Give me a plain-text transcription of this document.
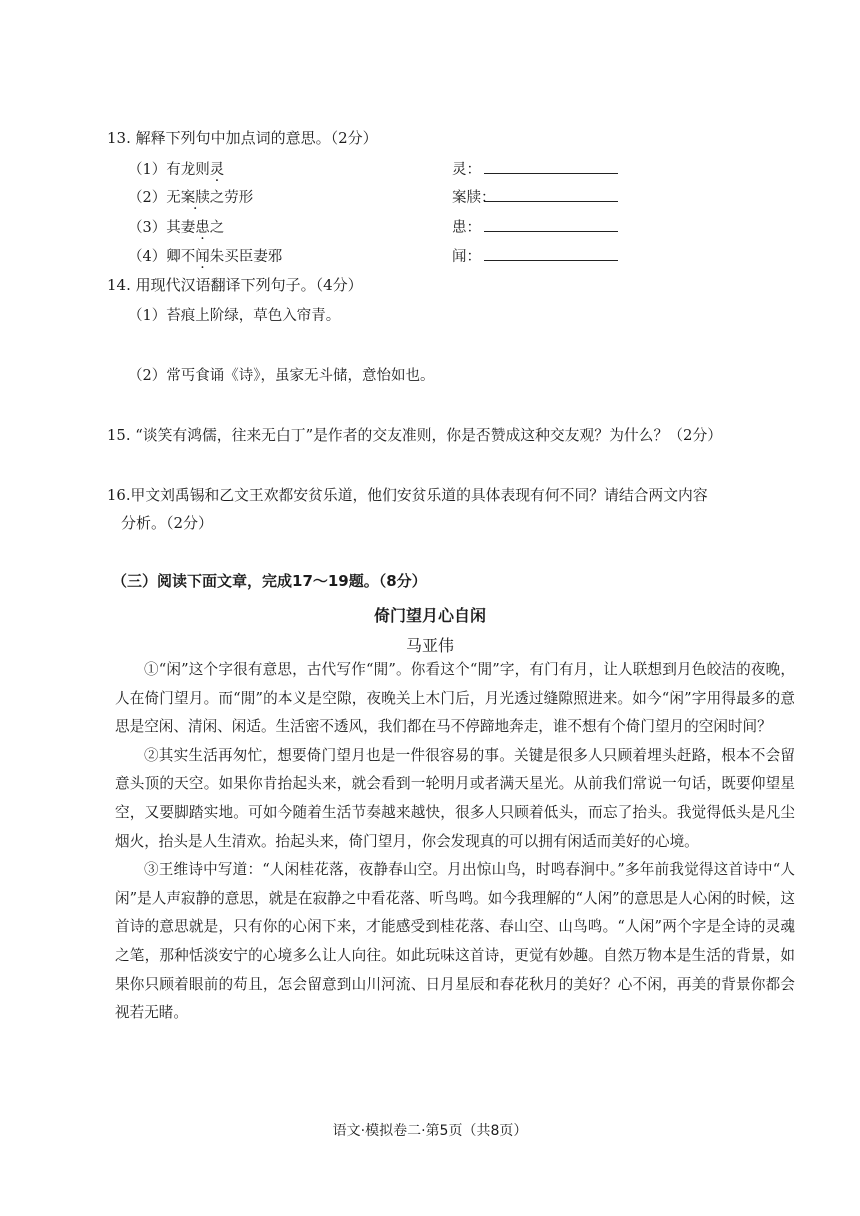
13. 解释下列句中加点词的意思。（2分）
（1）有龙则灵	灵：
（2）无案牍之劳形	案牍：
（3）其妻患之	患：
（4）卿不闻朱买臣妻邪	闻：
14. 用现代汉语翻译下列句子。（4分）
（1）苔痕上阶绿，草色入帘青。
（2）常丐食诵《诗》，虽家无斗储，意怡如也。
15. “谈笑有鸿儒，往来无白丁”是作者的交友准则，你是否赞成这种交友观？为什么？（2分）
16.甲文刘禹锡和乙文王欢都安贫乐道，他们安贫乐道的具体表现有何不同？请结合两文内容
分析。（2分）
（三）阅读下面文章，完成17～19题。（8分）
倚门望月心自闲
马亚伟

①“闲”这个字很有意思，古代写作“閒”。你看这个“閒”字，有门有月，让人联想到月色皎洁的夜晚，人在倚门望月。而“閒”的本义是空隙，夜晚关上木门后，月光透过缝隙照进来。如今“闲”字用得最多的意思是空闲、清闲、闲适。生活密不透风，我们都在马不停蹄地奔走，谁不想有个倚门望月的空闲时间？

②其实生活再匆忙，想要倚门望月也是一件很容易的事。关键是很多人只顾着埋头赶路，根本不会留意头顶的天空。如果你肯抬起头来，就会看到一轮明月或者满天星光。从前我们常说一句话，既要仰望星空，又要脚踏实地。可如今随着生活节奏越来越快，很多人只顾着低头，而忘了抬头。我觉得低头是凡尘烟火，抬头是人生清欢。抬起头来，倚门望月，你会发现真的可以拥有闲适而美好的心境。

③王维诗中写道：“人闲桂花落，夜静春山空。月出惊山鸟，时鸣春涧中。”多年前我觉得这首诗中“人闲”是人声寂静的意思，就是在寂静之中看花落、听鸟鸣。如今我理解的“人闲”的意思是人心闲的时候，这首诗的意思就是，只有你的心闲下来，才能感受到桂花落、春山空、山鸟鸣。“人闲”两个字是全诗的灵魂之笔，那种恬淡安宁的心境多么让人向往。如此玩味这首诗，更觉有妙趣。自然万物本是生活的背景，如果你只顾着眼前的苟且，怎会留意到山川河流、日月星辰和春花秋月的美好？心不闲，再美的背景你都会视若无睹。

语文·模拟卷二·第5页（共8页）
